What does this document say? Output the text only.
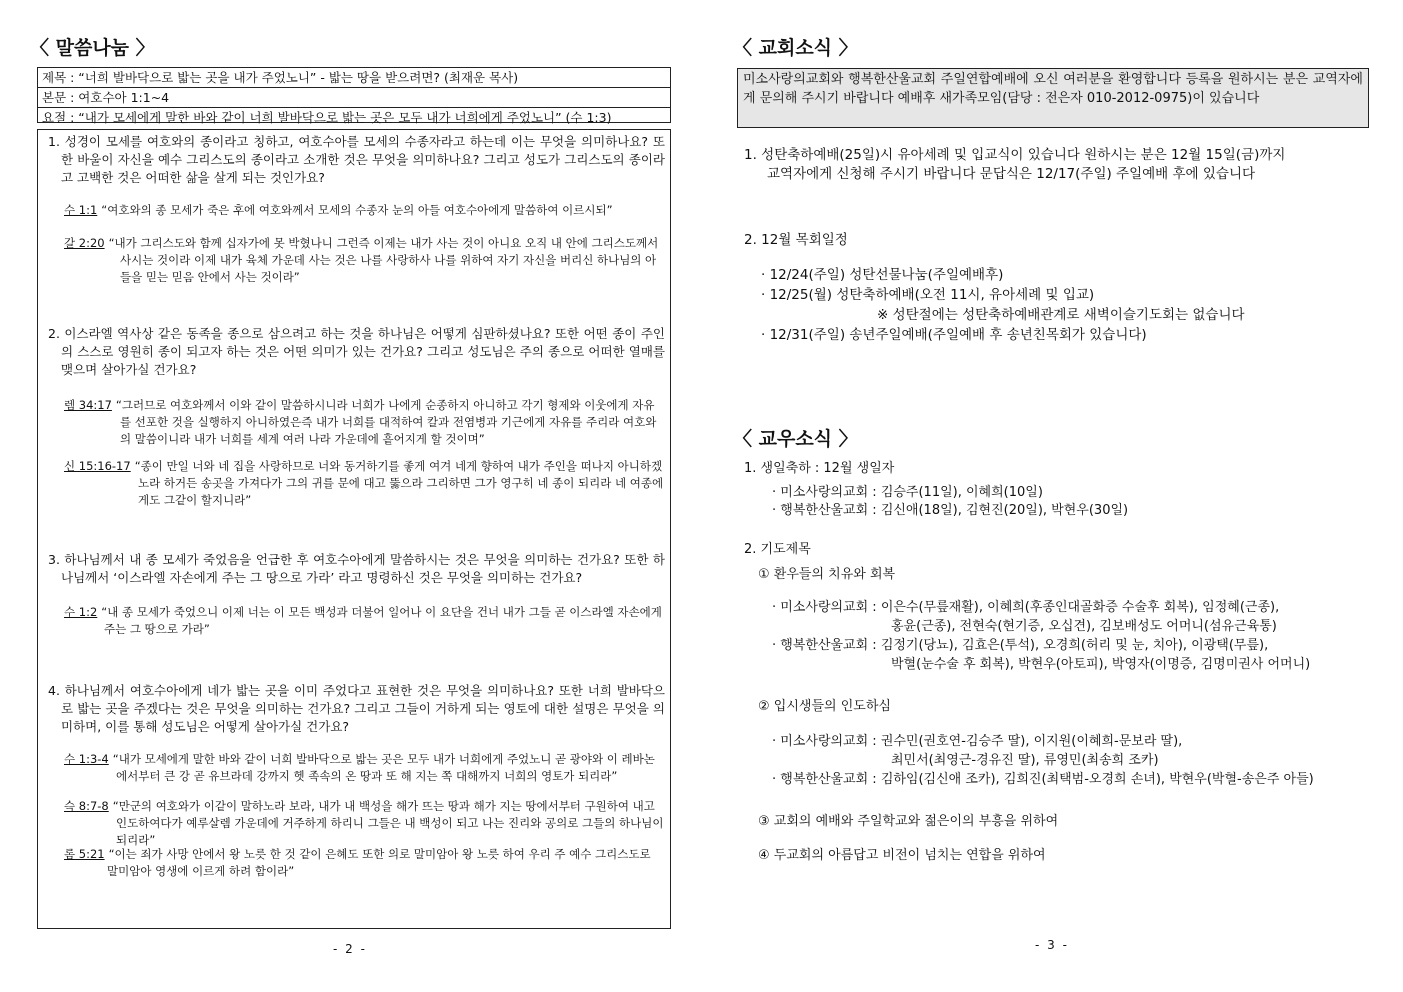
〈 말씀나눔 〉
제목 : “너희 발바닥으로 밟는 곳을 내가 주었노니” - 밟는 땅을 받으려면? (최재운 목사)
본문 : 여호수아 1:1~4
요절 : “내가 모세에게 말한 바와 같이 너희 발바닥으로 밟는 곳은 모두 내가 너희에게 주었노니” (수 1:3)
1. 성경이 모세를 여호와의 종이라고 칭하고, 여호수아를 모세의 수종자라고 하는데 이는 무엇을 의미하나요? 또한 바울이 자신을 예수 그리스도의 종이라고 소개한 것은 무엇을 의미하나요? 그리고 성도가 그리스도의 종이라고 고백한 것은 어떠한 삶을 살게 되는 것인가요?
수 1:1 “여호와의 종 모세가 죽은 후에 여호와께서 모세의 수종자 눈의 아들 여호수아에게 말씀하여 이르시되”
갈 2:20 “내가 그리스도와 함께 십자가에 못 박혔나니 그런즉 이제는 내가 사는 것이 아니요 오직 내 안에 그리스도께서 사시는 것이라 이제 내가 육체 가운데 사는 것은 나를 사랑하사 나를 위하여 자기 자신을 버리신 하나님의 아들을 믿는 믿음 안에서 사는 것이라”
2. 이스라엘 역사상 같은 동족을 종으로 삼으려고 하는 것을 하나님은 어떻게 심판하셨나요? 또한 어떤 종이 주인의 스스로 영원히 종이 되고자 하는 것은 어떤 의미가 있는 건가요? 그리고 성도님은 주의 종으로 어떠한 열매를 맺으며 살아가실 건가요?
렘 34:17 “그러므로 여호와께서 이와 같이 말씀하시니라 너희가 나에게 순종하지 아니하고 각기 형제와 이웃에게 자유를 선포한 것을 실행하지 아니하였은즉 내가 너희를 대적하여 칼과 전염병과 기근에게 자유를 주리라 여호와의 말씀이니라 내가 너희를 세계 여러 나라 가운데에 흩어지게 할 것이며”
신 15:16-17 “종이 만일 너와 네 집을 사랑하므로 너와 동거하기를 좋게 여겨 네게 향하여 내가 주인을 떠나지 아니하겠노라 하거든 송곳을 가져다가 그의 귀를 문에 대고 뚫으라 그리하면 그가 영구히 네 종이 되리라 네 여종에게도 그같이 할지니라”
3. 하나님께서 내 종 모세가 죽었음을 언급한 후 여호수아에게 말씀하시는 것은 무엇을 의미하는 건가요? 또한 하나님께서 ‘이스라엘 자손에게 주는 그 땅으로 가라’ 라고 명령하신 것은 무엇을 의미하는 건가요?
수 1:2 “내 종 모세가 죽었으니 이제 너는 이 모든 백성과 더불어 일어나 이 요단을 건너 내가 그들 곧 이스라엘 자손에게 주는 그 땅으로 가라”
4. 하나님께서 여호수아에게 네가 밟는 곳을 이미 주었다고 표현한 것은 무엇을 의미하나요? 또한 너희 발바닥으로 밟는 곳을 주겠다는 것은 무엇을 의미하는 건가요? 그리고 그들이 거하게 되는 영토에 대한 설명은 무엇을 의미하며, 이를 통해 성도님은 어떻게 살아가실 건가요?
수 1:3-4 “내가 모세에게 말한 바와 같이 너희 발바닥으로 밟는 곳은 모두 내가 너희에게 주었노니 곧 광야와 이 레바논에서부터 큰 강 곧 유브라데 강까지 헷 족속의 온 땅과 또 해 지는 쪽 대해까지 너희의 영토가 되리라”
슥 8:7-8 “만군의 여호와가 이같이 말하노라 보라, 내가 내 백성을 해가 뜨는 땅과 해가 지는 땅에서부터 구원하여 내고 인도하여다가 예루살렘 가운데에 거주하게 하리니 그들은 내 백성이 되고 나는 진리와 공의로 그들의 하나님이 되리라”
롬 5:21 “이는 죄가 사망 안에서 왕 노릇 한 것 같이 은혜도 또한 의로 말미암아 왕 노릇 하여 우리 주 예수 그리스도로 말미암아 영생에 이르게 하려 함이라”
- 2 -
〈 교회소식 〉
미소사랑의교회와 행복한산울교회 주일연합예배에 오신 여러분을 환영합니다 등록을 원하시는 분은 교역자에게 문의해 주시기 바랍니다 예배후 새가족모임(담당 : 전은자 010-2012-0975)이 있습니다
1. 성탄축하예배(25일)시 유아세례 및 입교식이 있습니다 원하시는 분은 12월 15일(금)까지
교역자에게 신청해 주시기 바랍니다 문답식은 12/17(주일) 주일예배 후에 있습니다
2. 12월 목회일정
· 12/24(주일) 성탄선물나눔(주일예배후)
· 12/25(월) 성탄축하예배(오전 11시, 유아세례 및 입교)
※ 성탄절에는 성탄축하예배관계로 새벽이슬기도회는 없습니다
· 12/31(주일) 송년주일예배(주일예배 후 송년친목회가 있습니다)
〈 교우소식 〉
1. 생일축하 : 12월 생일자
· 미소사랑의교회 : 김승주(11일), 이혜희(10일)
· 행복한산울교회 : 김신애(18일), 김현진(20일), 박현우(30일)
2. 기도제목
① 환우들의 치유와 회복
· 미소사랑의교회 : 이은수(무릎재활), 이혜희(후종인대골화증 수술후 회복), 임정혜(근종),
홍윤(근종), 전현숙(현기증, 오십견), 김보배성도 어머니(섬유근육통)
· 행복한산울교회 : 김정기(당뇨), 김효은(투석), 오경희(허리 및 눈, 치아), 이광택(무릎),
박혈(눈수술 후 회복), 박현우(아토피), 박영자(이명증, 김명미권사 어머니)
② 입시생들의 인도하심
· 미소사랑의교회 : 권수민(권호연-김승주 딸), 이지원(이혜희-문보라 딸),
최민서(최영근-경유진 딸), 류영민(최송희 조카)
· 행복한산울교회 : 김하임(김신애 조카), 김희진(최택범-오경희 손녀), 박현우(박혈-송은주 아들)
③ 교회의 예배와 주일학교와 젊은이의 부흥을 위하여
④ 두교회의 아름답고 비전이 넘치는 연합을 위하여
- 3 -
